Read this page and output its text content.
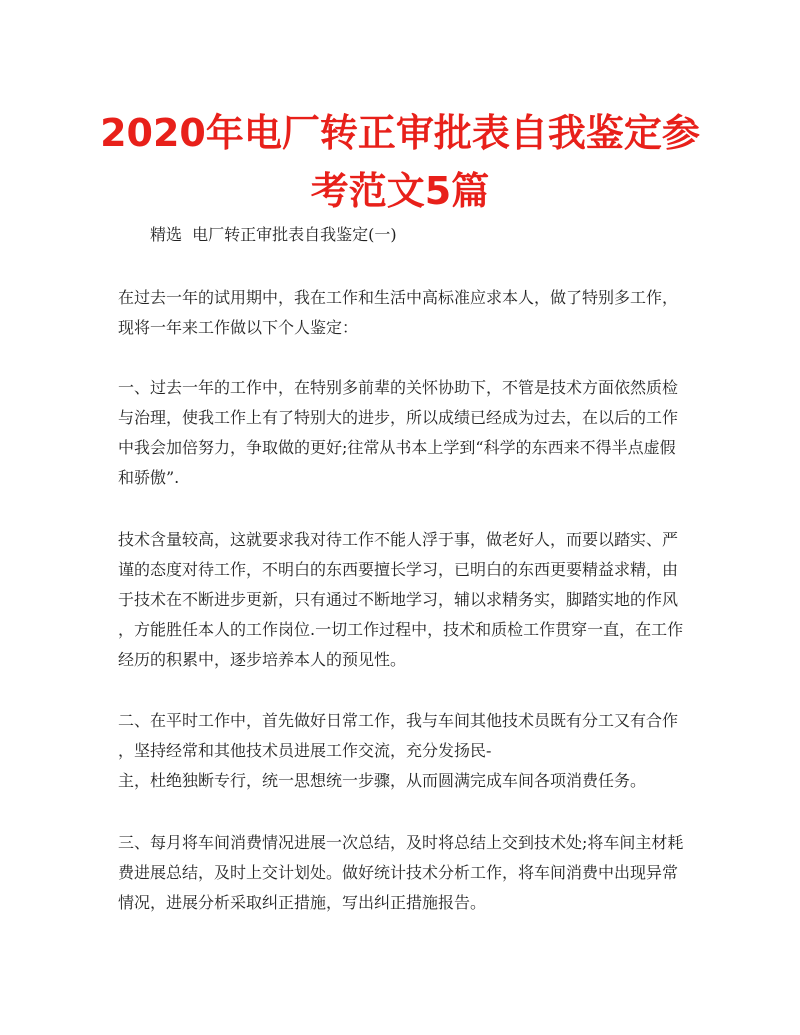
2020年电厂转正审批表自我鉴定参考范文5篇
精选  电厂转正审批表自我鉴定(一)
在过去一年的试用期中，我在工作和生活中高标准应求本人，做了特别多工作，
现将一年来工作做以下个人鉴定：
一、过去一年的工作中，在特别多前辈的关怀协助下，不管是技术方面依然质检
与治理，使我工作上有了特别大的进步，所以成绩已经成为过去，在以后的工作
中我会加倍努力，争取做的更好;往常从书本上学到“科学的东西来不得半点虚假
和骄傲”.
技术含量较高，这就要求我对待工作不能人浮于事，做老好人，而要以踏实、严
谨的态度对待工作，不明白的东西要擅长学习，已明白的东西更要精益求精，由
于技术在不断进步更新，只有通过不断地学习，辅以求精务实，脚踏实地的作风
，方能胜任本人的工作岗位.一切工作过程中，技术和质检工作贯穿一直，在工作
经历的积累中，逐步培养本人的预见性。
二、在平时工作中，首先做好日常工作，我与车间其他技术员既有分工又有合作
，坚持经常和其他技术员进展工作交流，充分发扬民-
主，杜绝独断专行，统一思想统一步骤，从而圆满完成车间各项消费任务。
三、每月将车间消费情况进展一次总结，及时将总结上交到技术处;将车间主材耗
费进展总结，及时上交计划处。做好统计技术分析工作，将车间消费中出现异常
情况，进展分析采取纠正措施，写出纠正措施报告。
